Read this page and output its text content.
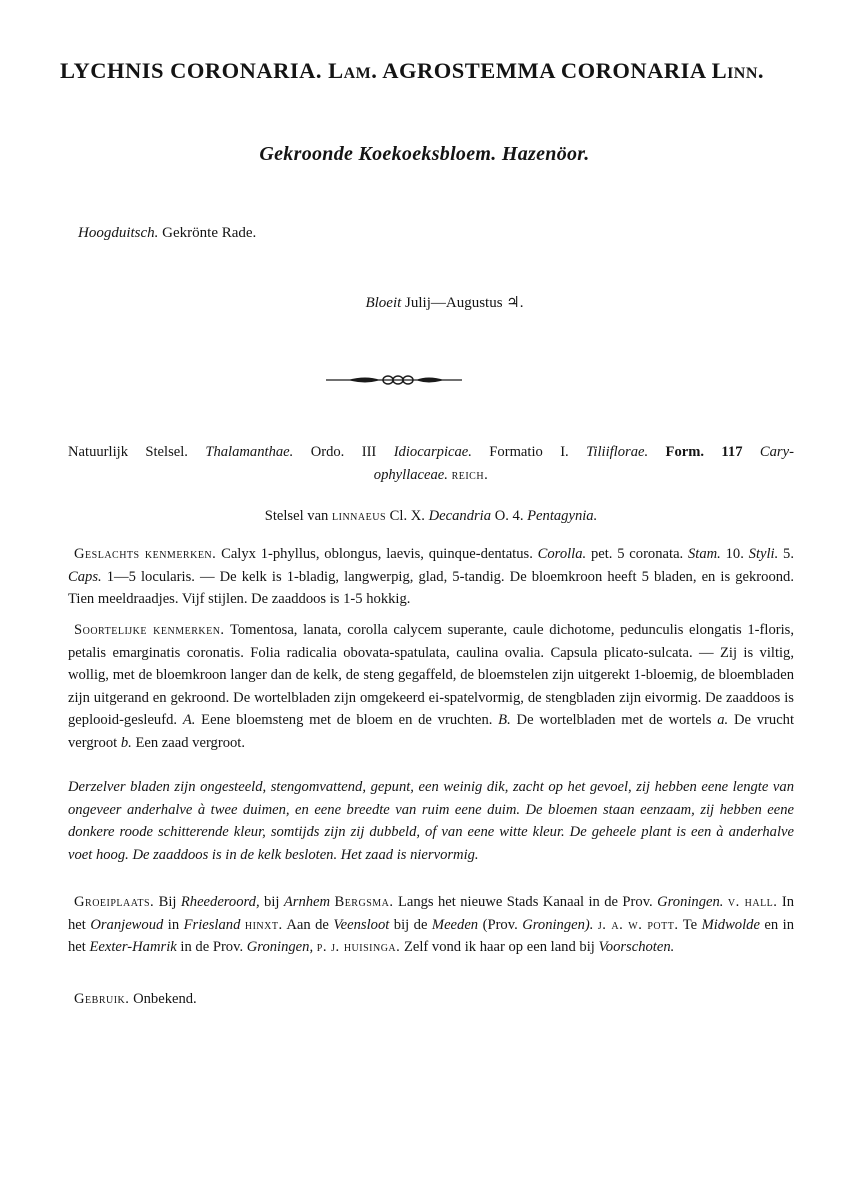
LYCHNIS CORONARIA. Lam. AGROSTEMMA CORONARIA Linn.
Gekroonde Koekoeksbloem. Hazenöor.
Hoogduitsch. Gekrönte Rade.
Bloeit Julij—Augustus ♃.
Natuurlijk Stelsel. Thalamanthae. Ordo. III Idiocarpicae. Formatio I. Tiliiflorae. Form. 117 Cary-
ophyllaceae. reich.
Stelsel van linnaeus Cl. X. Decandria O. 4. Pentagynia.
Geslachts kenmerken. Calyx 1-phyllus, oblongus, laevis, quinque-dentatus. Corolla. pet. 5 coronata. Stam. 10. Styli. 5. Caps. 1—5 locularis. — De kelk is 1-bladig, langwerpig, glad, 5-tandig. De bloemkroon heeft 5 bladen, en is gekroond. Tien meeldraadjes. Vijf stijlen. De zaaddoos is 1-5 hokkig.
Soortelijke kenmerken. Tomentosa, lanata, corolla calycem superante, caule dichotome, pedunculis elongatis 1-floris, petalis emarginatis coronatis. Folia radicalia obovata-spatulata, caulina ovalia. Capsula plicato-sulcata. — Zij is viltig, wollig, met de bloemkroon langer dan de kelk, de steng gegaffeld, de bloemstelen zijn uitgerekt 1-bloemig, de bloembladen zijn uitgerand en gekroond. De wortelbladen zijn omgekeerd ei-spatelvormig, de stengbladen zijn eivormig. De zaaddoos is geplooid-gesleufd. A. Eene bloemsteng met de bloem en de vruchten. B. De wortelbladen met de wortels a. De vrucht vergroot b. Een zaad vergroot.
Derzelver bladen zijn ongesteeld, stengomvattend, gepunt, een weinig dik, zacht op het gevoel, zij hebben eene lengte van ongeveer anderhalve à twee duimen, en eene breedte van ruim eene duim. De bloemen staan eenzaam, zij hebben eene donkere roode schitterende kleur, somtijds zijn zij dubbeld, of van eene witte kleur. De geheele plant is een à anderhalve voet hoog. De zaaddoos is in de kelk besloten. Het zaad is niervormig.
Groeiplaats. Bij Rheederoord, bij Arnhem Bergsma. Langs het nieuwe Stads Kanaal in de Prov. Groningen. v. hall. In het Oranjewoud in Friesland hinxt. Aan de Veensloot bij de Meeden (Prov. Groningen). j. a. w. pott. Te Midwolde en in het Eexter-Hamrik in de Prov. Groningen, p. j. huisinga. Zelf vond ik haar op een land bij Voorschoten.
Gebruik. Onbekend.
